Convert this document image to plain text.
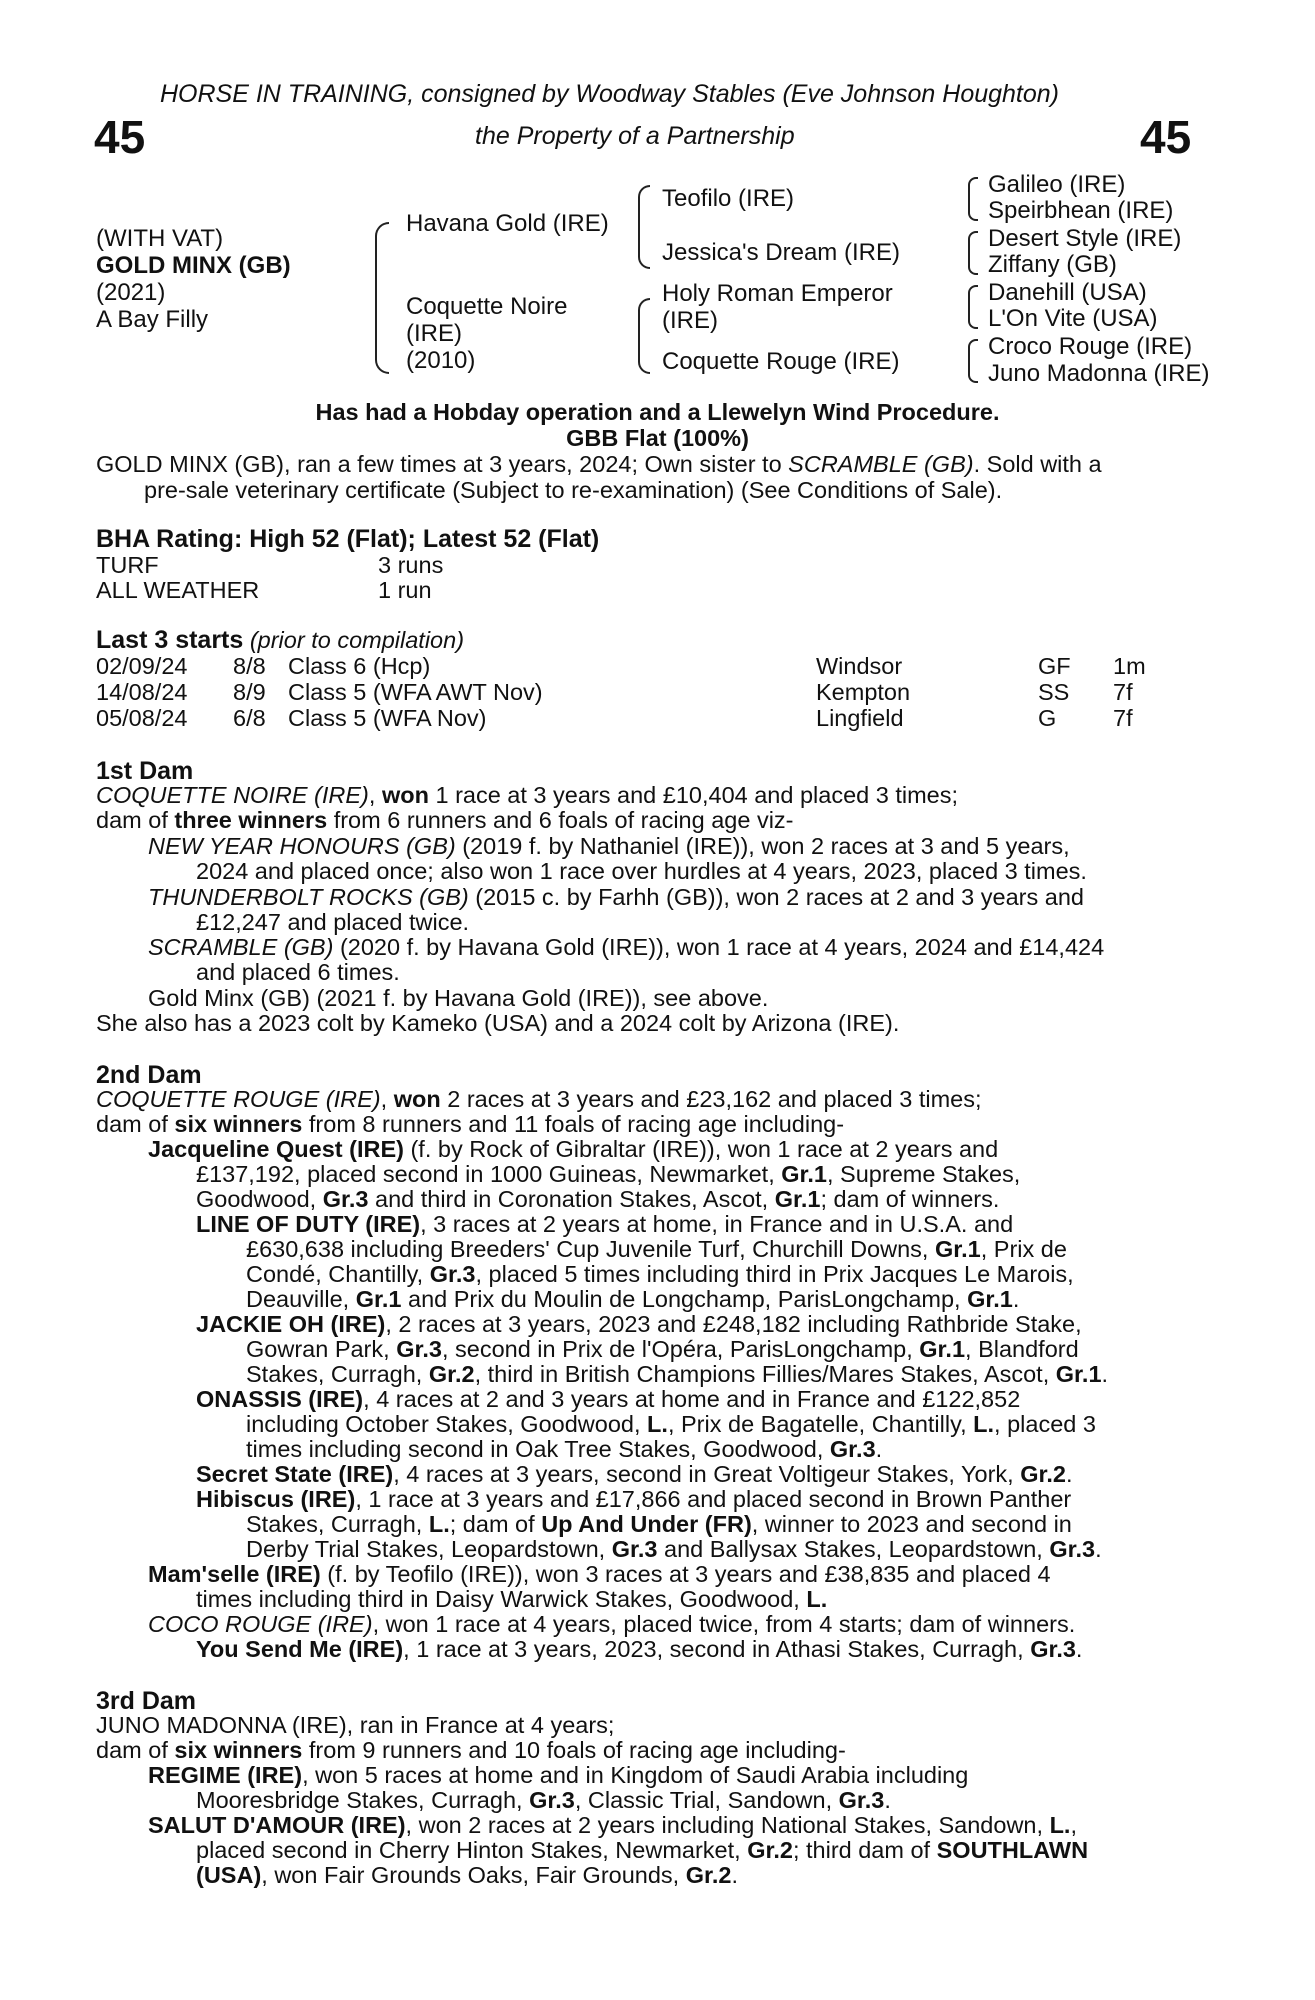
HORSE IN TRAINING, consigned by Woodway Stables (Eve Johnson Houghton)
45	the Property of a Partnership	45
(WITH VAT)
GOLD MINX (GB)
(2021)
A Bay Filly
Havana Gold (IRE)
Coquette Noire
(IRE)
(2010)
Teofilo (IRE)
Jessica's Dream (IRE)
Holy Roman Emperor
(IRE)
Coquette Rouge (IRE)
Galileo (IRE)
Speirbhean (IRE)
Desert Style (IRE)
Ziffany (GB)
Danehill (USA)
L'On Vite (USA)
Croco Rouge (IRE)
Juno Madonna (IRE)
Has had a Hobday operation and a Llewelyn Wind Procedure.
GBB Flat (100%)
GOLD MINX (GB), ran a few times at 3 years, 2024; Own sister to SCRAMBLE (GB). Sold with a
pre-sale veterinary certificate (Subject to re-examination) (See Conditions of Sale).
BHA Rating: High 52 (Flat); Latest 52 (Flat)
TURF	3 runs
ALL WEATHER	1 run
Last 3 starts (prior to compilation)
02/09/24 8/8 Class 6 (Hcp)	Windsor	GF 1m
14/08/24 8/9 Class 5 (WFA AWT Nov)	Kempton	SS 7f
05/08/24 6/8 Class 5 (WFA Nov)	Lingfield	G 7f
1st Dam
COQUETTE NOIRE (IRE), won 1 race at 3 years and £10,404 and placed 3 times;
dam of three winners from 6 runners and 6 foals of racing age viz-
NEW YEAR HONOURS (GB) (2019 f. by Nathaniel (IRE)), won 2 races at 3 and 5 years,
2024 and placed once; also won 1 race over hurdles at 4 years, 2023, placed 3 times.
THUNDERBOLT ROCKS (GB) (2015 c. by Farhh (GB)), won 2 races at 2 and 3 years and
£12,247 and placed twice.
SCRAMBLE (GB) (2020 f. by Havana Gold (IRE)), won 1 race at 4 years, 2024 and £14,424
and placed 6 times.
Gold Minx (GB) (2021 f. by Havana Gold (IRE)), see above.
She also has a 2023 colt by Kameko (USA) and a 2024 colt by Arizona (IRE).
2nd Dam
COQUETTE ROUGE (IRE), won 2 races at 3 years and £23,162 and placed 3 times;
dam of six winners from 8 runners and 11 foals of racing age including-
Jacqueline Quest (IRE) (f. by Rock of Gibraltar (IRE)), won 1 race at 2 years and
£137,192, placed second in 1000 Guineas, Newmarket, Gr.1, Supreme Stakes,
Goodwood, Gr.3 and third in Coronation Stakes, Ascot, Gr.1; dam of winners.
LINE OF DUTY (IRE), 3 races at 2 years at home, in France and in U.S.A. and
£630,638 including Breeders' Cup Juvenile Turf, Churchill Downs, Gr.1, Prix de
Condé, Chantilly, Gr.3, placed 5 times including third in Prix Jacques Le Marois,
Deauville, Gr.1 and Prix du Moulin de Longchamp, ParisLongchamp, Gr.1.
JACKIE OH (IRE), 2 races at 3 years, 2023 and £248,182 including Rathbride Stake,
Gowran Park, Gr.3, second in Prix de l'Opéra, ParisLongchamp, Gr.1, Blandford
Stakes, Curragh, Gr.2, third in British Champions Fillies/Mares Stakes, Ascot, Gr.1.
ONASSIS (IRE), 4 races at 2 and 3 years at home and in France and £122,852
including October Stakes, Goodwood, L., Prix de Bagatelle, Chantilly, L., placed 3
times including second in Oak Tree Stakes, Goodwood, Gr.3.
Secret State (IRE), 4 races at 3 years, second in Great Voltigeur Stakes, York, Gr.2.
Hibiscus (IRE), 1 race at 3 years and £17,866 and placed second in Brown Panther
Stakes, Curragh, L.; dam of Up And Under (FR), winner to 2023 and second in
Derby Trial Stakes, Leopardstown, Gr.3 and Ballysax Stakes, Leopardstown, Gr.3.
Mam'selle (IRE) (f. by Teofilo (IRE)), won 3 races at 3 years and £38,835 and placed 4
times including third in Daisy Warwick Stakes, Goodwood, L.
COCO ROUGE (IRE), won 1 race at 4 years, placed twice, from 4 starts; dam of winners.
You Send Me (IRE), 1 race at 3 years, 2023, second in Athasi Stakes, Curragh, Gr.3.
3rd Dam
JUNO MADONNA (IRE), ran in France at 4 years;
dam of six winners from 9 runners and 10 foals of racing age including-
REGIME (IRE), won 5 races at home and in Kingdom of Saudi Arabia including
Mooresbridge Stakes, Curragh, Gr.3, Classic Trial, Sandown, Gr.3.
SALUT D'AMOUR (IRE), won 2 races at 2 years including National Stakes, Sandown, L.,
placed second in Cherry Hinton Stakes, Newmarket, Gr.2; third dam of SOUTHLAWN
(USA), won Fair Grounds Oaks, Fair Grounds, Gr.2.
